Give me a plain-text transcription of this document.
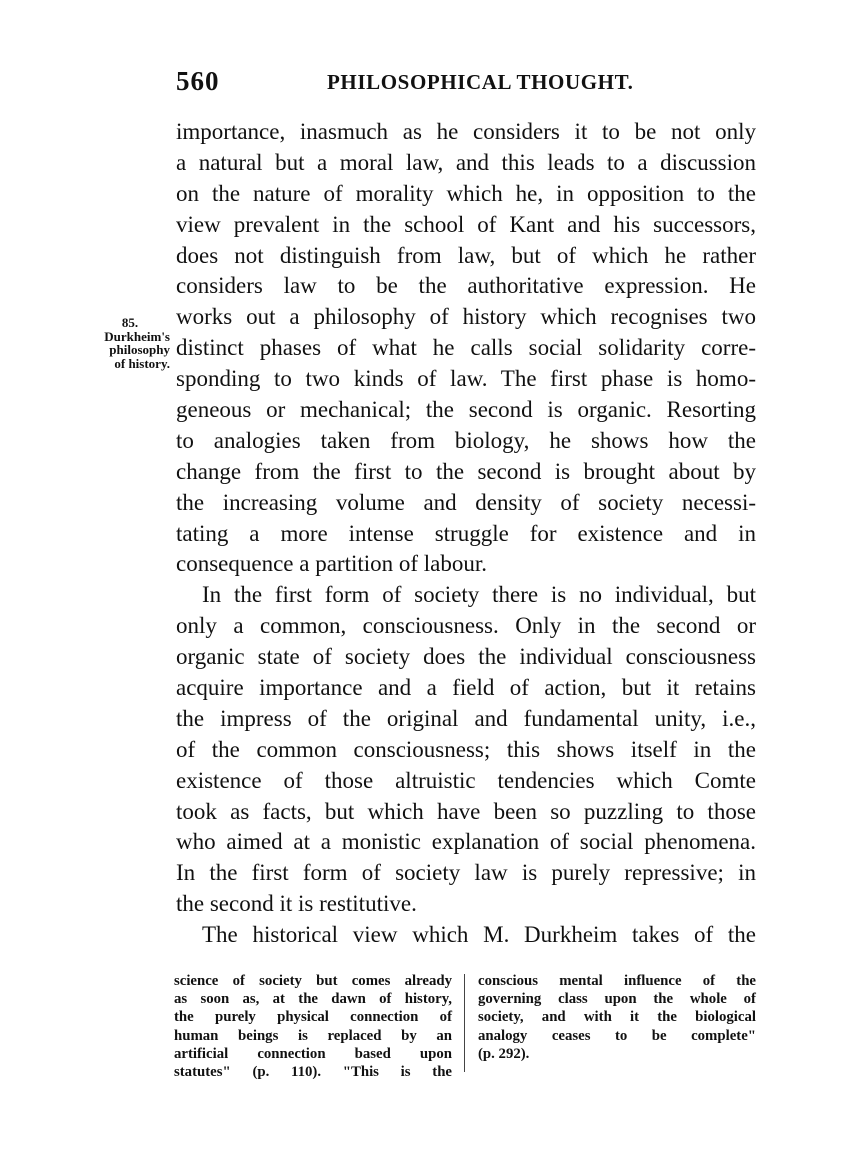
560	PHILOSOPHICAL THOUGHT.
85.
Durkheim's
philosophy
of history.
importance, inasmuch as he considers it to be not only
a natural but a moral law, and this leads to a discussion
on the nature of morality which he, in opposition to the
view prevalent in the school of Kant and his successors,
does not distinguish from law, but of which he rather
considers law to be the authoritative expression. He
works out a philosophy of history which recognises two
distinct phases of what he calls social solidarity corre-
sponding to two kinds of law. The first phase is homo-
geneous or mechanical; the second is organic. Resorting
to analogies taken from biology, he shows how the
change from the first to the second is brought about by
the increasing volume and density of society necessi-
tating a more intense struggle for existence and in
consequence a partition of labour.
In the first form of society there is no individual, but
only a common, consciousness. Only in the second or
organic state of society does the individual consciousness
acquire importance and a field of action, but it retains
the impress of the original and fundamental unity, i.e.,
of the common consciousness; this shows itself in the
existence of those altruistic tendencies which Comte
took as facts, but which have been so puzzling to those
who aimed at a monistic explanation of social phenomena.
In the first form of society law is purely repressive; in
the second it is restitutive.
The historical view which M. Durkheim takes of the
science of society but comes already
as soon as, at the dawn of history,
the purely physical connection of
human beings is replaced by an
artificial connection based upon
statutes" (p. 110). "This is the
conscious mental influence of the
governing class upon the whole of
society, and with it the biological
analogy ceases to be complete"
(p. 292).
